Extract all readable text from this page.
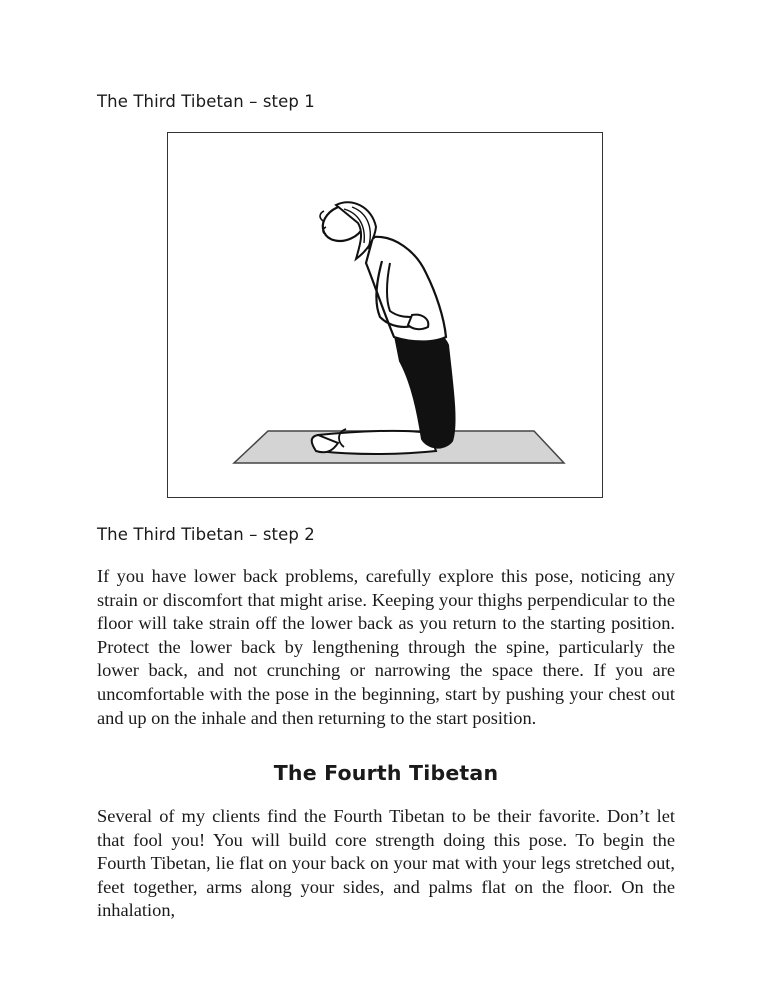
The Third Tibetan – step 1
The Third Tibetan – step 2

If you have lower back problems, carefully explore this pose, noticing any strain or discomfort that might arise. Keeping your thighs perpendicular to the floor will take strain off the lower back as you return to the starting position. Protect the lower back by lengthening through the spine, particularly the lower back, and not crunching or narrowing the space there. If you are uncomfortable with the pose in the beginning, start by pushing your chest out and up on the inhale and then returning to the start position.

The Fourth Tibetan

Several of my clients find the Fourth Tibetan to be their favorite. Don’t let that fool you! You will build core strength doing this pose. To begin the Fourth Tibetan, lie flat on your back on your mat with your legs stretched out, feet together, arms along your sides, and palms flat on the floor. On the inhalation,
